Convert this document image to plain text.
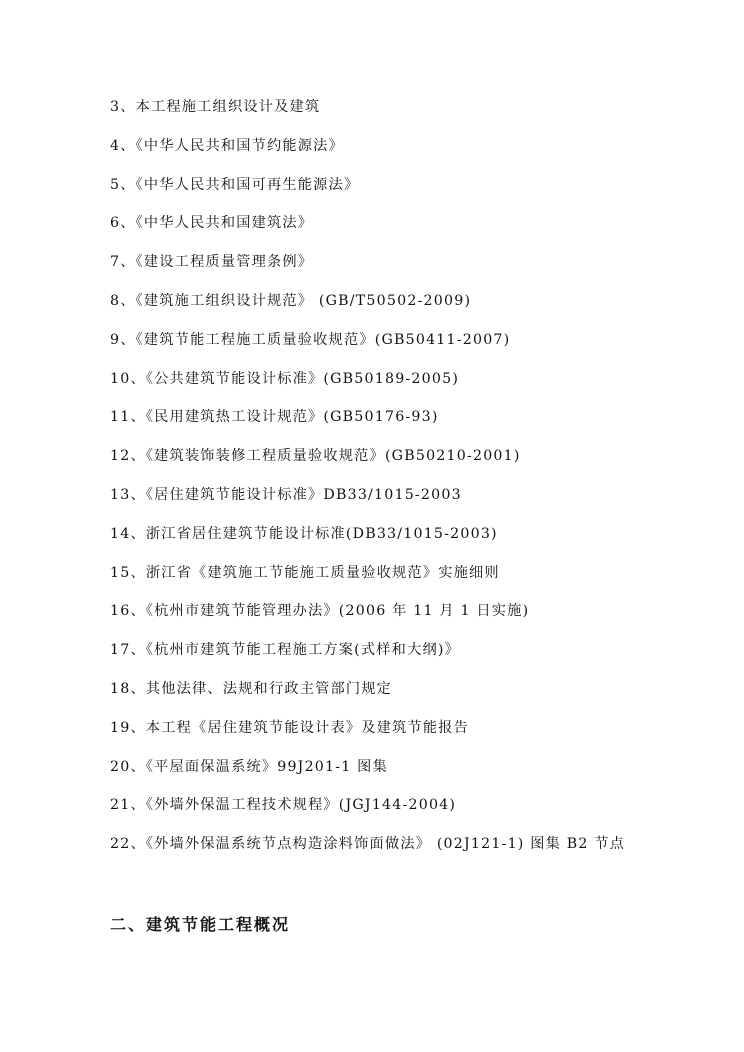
3、本工程施工组织设计及建筑
4、《中华人民共和国节约能源法》
5、《中华人民共和国可再生能源法》
6、《中华人民共和国建筑法》
7、《建设工程质量管理条例》
8、《建筑施工组织设计规范》 (GB/T50502-2009)
9、《建筑节能工程施工质量验收规范》(GB50411-2007)
10、《公共建筑节能设计标准》(GB50189-2005)
11、《民用建筑热工设计规范》(GB50176-93)
12、《建筑装饰装修工程质量验收规范》(GB50210-2001)
13、《居住建筑节能设计标准》DB33/1015-2003
14、浙江省居住建筑节能设计标准(DB33/1015-2003)
15、浙江省《建筑施工节能施工质量验收规范》实施细则
16、《杭州市建筑节能管理办法》(2006 年 11 月 1 日实施)
17、《杭州市建筑节能工程施工方案(式样和大纲)》
18、其他法律、法规和行政主管部门规定
19、本工程《居住建筑节能设计表》及建筑节能报告
20、《平屋面保温系统》99J201-1 图集
21、《外墙外保温工程技术规程》(JGJ144-2004)
22、《外墙外保温系统节点构造涂料饰面做法》 (02J121-1) 图集 B2 节点
二、建筑节能工程概况
